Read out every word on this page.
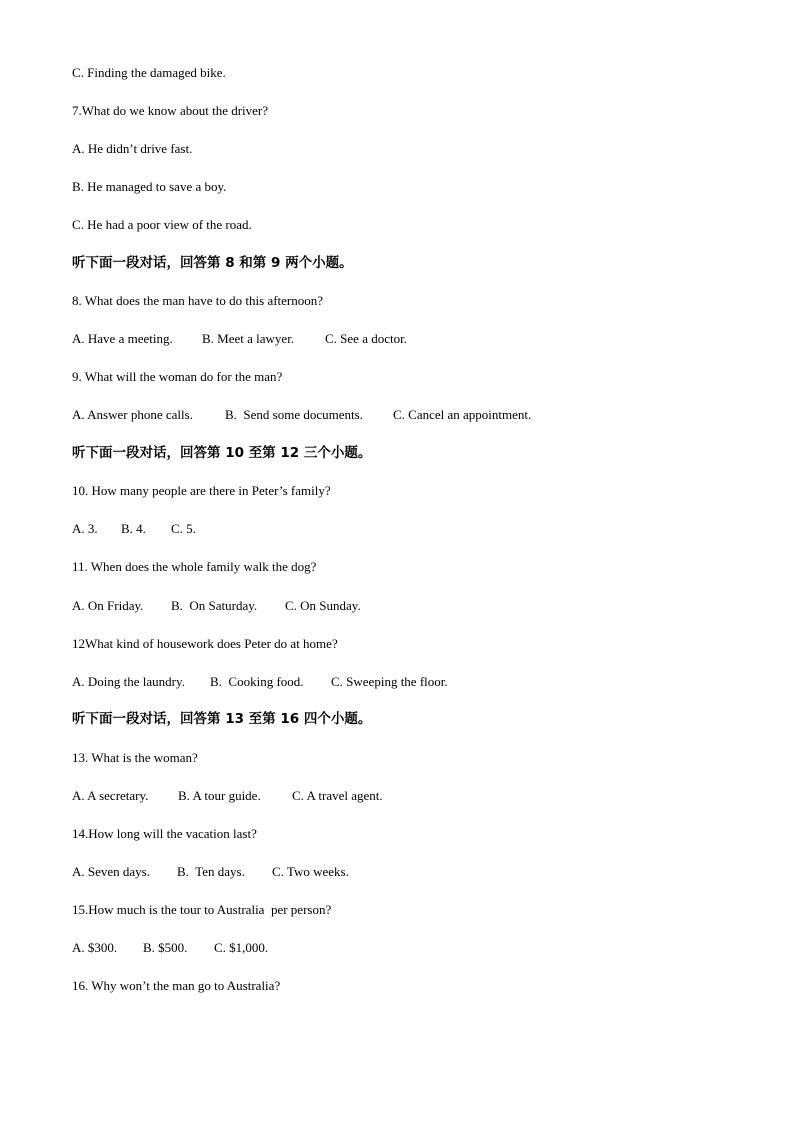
C. Finding the damaged bike.
7.What do we know about the driver?
A. He didn’t drive fast.
B. He managed to save a boy.
C. He had a poor view of the road.
听下面一段对话，回答第 8 和第 9 两个小题。
8. What does the man have to do this afternoon?
A. Have a meeting.	B. Meet a lawyer.	C. See a doctor.
9. What will the woman do for the man?
A. Answer phone calls.	B.  Send some documents.	C. Cancel an appointment.
听下面一段对话，回答第 10 至第 12 三个小题。
10. How many people are there in Peter’s family?
A. 3.	B. 4.	C. 5.
11. When does the whole family walk the dog?
A. On Friday.	B.  On Saturday.	C. On Sunday.
12What kind of housework does Peter do at home?
A. Doing the laundry.	B.  Cooking food.	C. Sweeping the floor.
听下面一段对话，回答第 13 至第 16 四个小题。
13. What is the woman?
A. A secretary.	B. A tour guide.	C. A travel agent.
14.How long will the vacation last?
A. Seven days.	B.  Ten days.	C. Two weeks.
15.How much is the tour to Australia  per person?
A. $300.	B. $500.	C. $1,000.
16. Why won’t the man go to Australia?
